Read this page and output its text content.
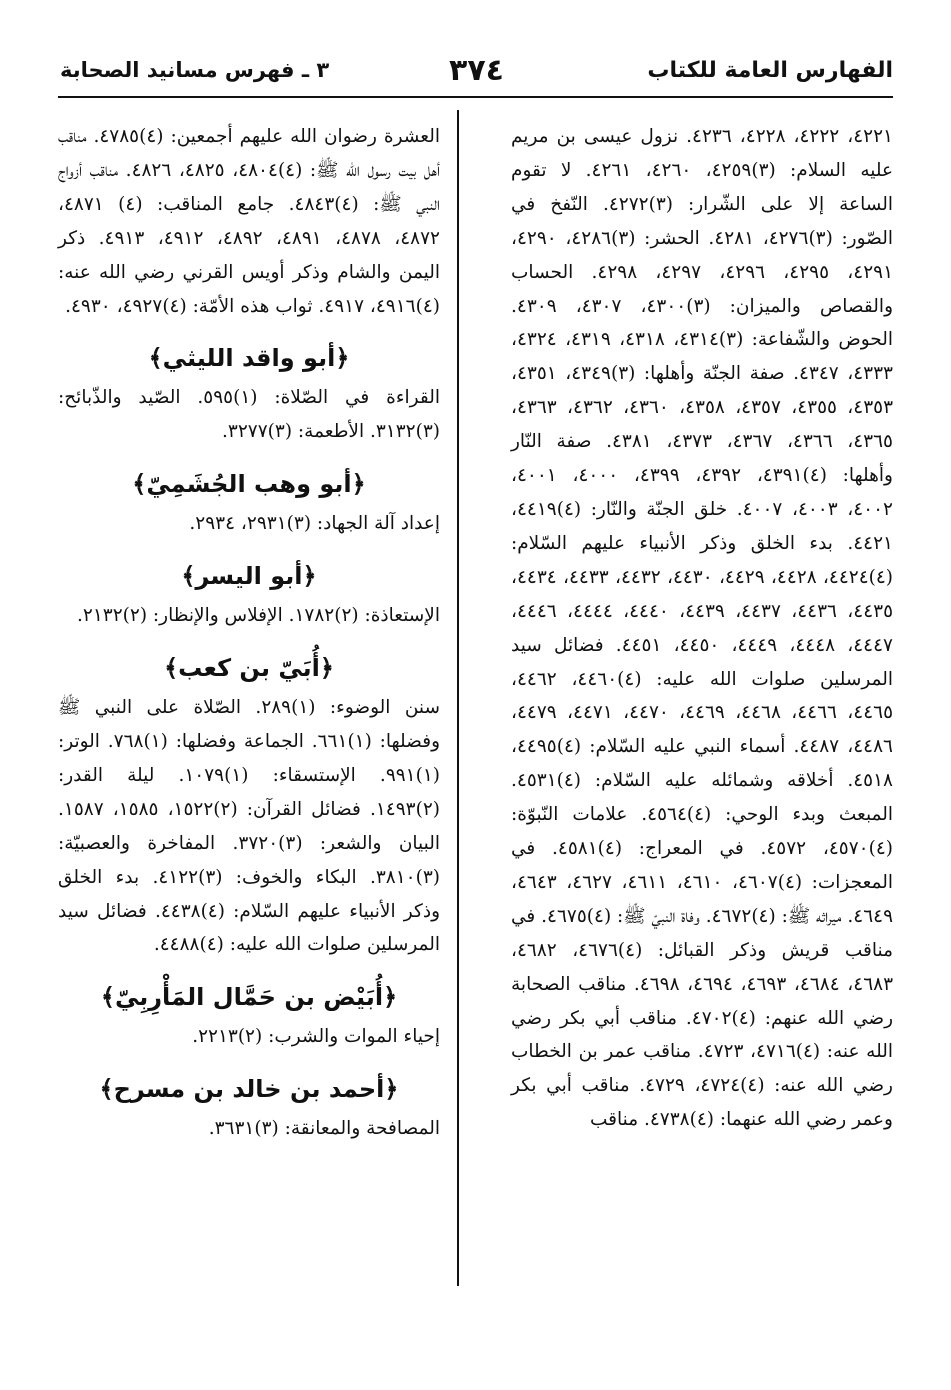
الفهارس العامة للكتاب
٣٧٤
٣ ـ فهرس مسانيد الصحابة

٤٢٢١، ٤٢٢٢، ٤٢٢٨، ٤٢٣٦. نزول عيسى بن مريم عليه السلام: (٣)٤٢٥٩، ٤٢٦٠، ٤٢٦١. لا تقوم الساعة إلا على الشّرار: (٣)٤٢٧٢. النّفخ في الصّور: (٣)٤٢٧٦، ٤٢٨١. الحشر: (٣)٤٢٨٦، ٤٢٩٠، ٤٢٩١، ٤٢٩٥، ٤٢٩٦، ٤٢٩٧، ٤٢٩٨. الحساب والقصاص والميزان: (٣)٤٣٠٠، ٤٣٠٧، ٤٣٠٩. الحوض والشّفاعة: (٣)٤٣١٤، ٤٣١٨، ٤٣١٩، ٤٣٢٤، ٤٣٣٣، ٤٣٤٧. صفة الجنّة وأهلها: (٣)٤٣٤٩، ٤٣٥١، ٤٣٥٣، ٤٣٥٥، ٤٣٥٧، ٤٣٥٨، ٤٣٦٠، ٤٣٦٢، ٤٣٦٣، ٤٣٦٥، ٤٣٦٦، ٤٣٦٧، ٤٣٧٣، ٤٣٨١. صفة النّار وأهلها: (٤)٤٣٩١، ٤٣٩٢، ٤٣٩٩، ٤٠٠٠، ٤٠٠١، ٤٠٠٢، ٤٠٠٣، ٤٠٠٧. خلق الجنّة والنّار: (٤)٤٤١٩، ٤٤٢١. بدء الخلق وذكر الأنبياء عليهم السّلام: (٤)٤٤٢٤، ٤٤٢٨، ٤٤٢٩، ٤٤٣٠، ٤٤٣٢، ٤٤٣٣، ٤٤٣٤، ٤٤٣٥، ٤٤٣٦، ٤٤٣٧، ٤٤٣٩، ٤٤٤٠، ٤٤٤٤، ٤٤٤٦، ٤٤٤٧، ٤٤٤٨، ٤٤٤٩، ٤٤٥٠، ٤٤٥١. فضائل سيد المرسلين صلوات الله عليه: (٤)٤٤٦٠، ٤٤٦٢، ٤٤٦٥، ٤٤٦٦، ٤٤٦٨، ٤٤٦٩، ٤٤٧٠، ٤٤٧١، ٤٤٧٩، ٤٤٨٦، ٤٤٨٧. أسماء النبي عليه السّلام: (٤)٤٤٩٥، ٤٥١٨. أخلاقه وشمائله عليه السّلام: (٤)٤٥٣١. المبعث وبدء الوحي: (٤)٤٥٦٤. علامات النّبوّة: (٤)٤٥٧٠، ٤٥٧٢. في المعراج: (٤)٤٥٨١. في المعجزات: (٤)٤٦٠٧، ٤٦١٠، ٤٦١١، ٤٦٢٧، ٤٦٤٣، ٤٦٤٩. ميراثه ﷺ: (٤)٤٦٧٢. وفاة النبيّ ﷺ: (٤)٤٦٧٥. في مناقب قريش وذكر القبائل: (٤)٤٦٧٦، ٤٦٨٢، ٤٦٨٣، ٤٦٨٤، ٤٦٩٣، ٤٦٩٤، ٤٦٩٨. مناقب الصحابة رضي الله عنهم: (٤)٤٧٠٢. مناقب أبي بكر رضي الله عنه: (٤)٤٧١٦، ٤٧٢٣. مناقب عمر بن الخطاب رضي الله عنه: (٤)٤٧٢٤، ٤٧٢٩. مناقب أبي بكر وعمر رضي الله عنهما: (٤)٤٧٣٨. مناقب

العشرة رضوان الله عليهم أجمعين: (٤)٤٧٨٥. مناقب أهل بيت رسول الله ﷺ: (٤)٤٨٠٤، ٤٨٢٥، ٤٨٢٦. مناقب أزواج النبي ﷺ: (٤)٤٨٤٣. جامع المناقب: (٤) ٤٨٧١، ٤٨٧٢، ٤٨٧٨، ٤٨٩١، ٤٨٩٢، ٤٩١٢، ٤٩١٣. ذكر اليمن والشام وذكر أويس القرني رضي الله عنه: (٤)٤٩١٦، ٤٩١٧. ثواب هذه الأمّة: (٤)٤٩٢٧، ٤٩٣٠.

﴿أبو واقد الليثي﴾

القراءة في الصّلاة: (١)٥٩٥. الصّيد والذّبائح: (٣)٣١٣٢. الأطعمة: (٣)٣٢٧٧.

﴿أبو وهب الجُشَمِيّ﴾

إعداد آلة الجهاد: (٣)٢٩٣١، ٢٩٣٤.

﴿أبو اليسر﴾

الإستعاذة: (٢)١٧٨٢. الإفلاس والإنظار: (٢)٢١٣٢.

﴿أُبَيّ بن كعب﴾

سنن الوضوء: (١)٢٨٩. الصّلاة على النبي ﷺ وفضلها: (١)٦٦١. الجماعة وفضلها: (١)٧٦٨. الوتر: (١)٩٩١. الإستسقاء: (١)١٠٧٩. ليلة القدر: (٢)١٤٩٣. فضائل القرآن: (٢)١٥٢٢، ١٥٨٥، ١٥٨٧. البيان والشعر: (٣)٣٧٢٠. المفاخرة والعصبيّة: (٣)٣٨١٠. البكاء والخوف: (٣)٤١٢٢. بدء الخلق وذكر الأنبياء عليهم السّلام: (٤)٤٤٣٨. فضائل سيد المرسلين صلوات الله عليه: (٤)٤٤٨٨.

﴿أُبَيْض بن حَمَّال المَأْرِبِيّ﴾

إحياء الموات والشرب: (٢)٢٢١٣.

﴿أحمد بن خالد بن مسرح﴾

المصافحة والمعانقة: (٣)٣٦٣١.
